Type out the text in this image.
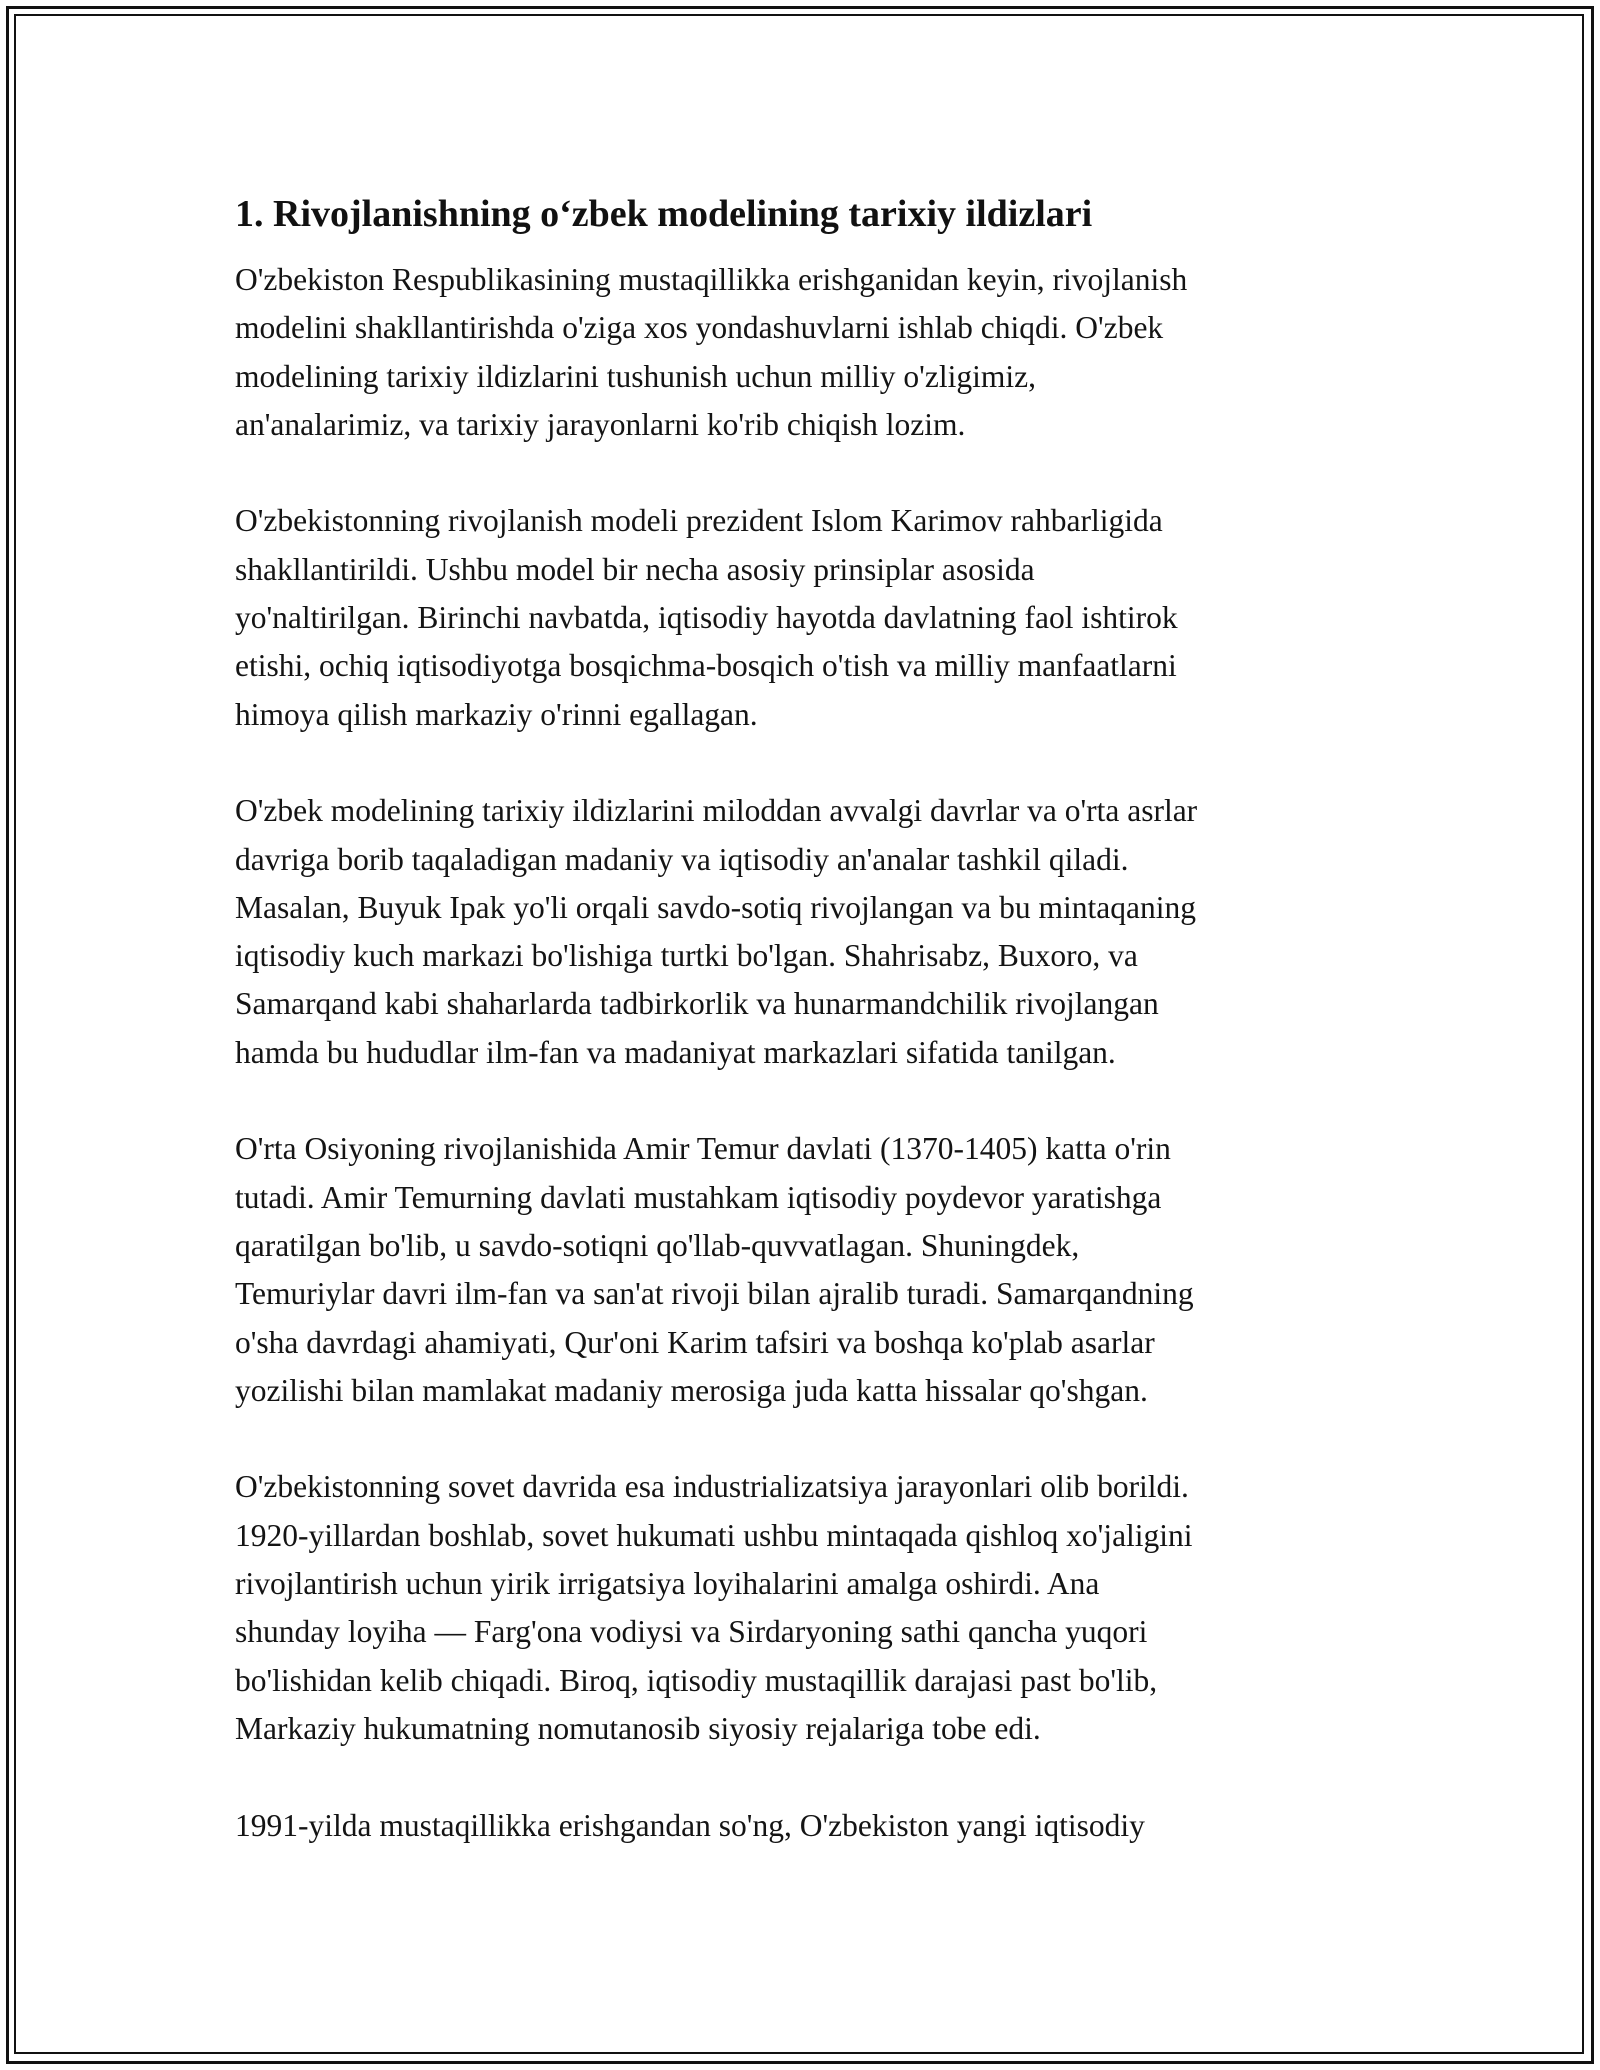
1. Rivojlanishning o‘zbek modelining tarixiy ildizlari

O'zbekiston Respublikasining mustaqillikka erishganidan keyin, rivojlanish
modelini shakllantirishda o'ziga xos yondashuvlarni ishlab chiqdi. O'zbek
modelining tarixiy ildizlarini tushunish uchun milliy o'zligimiz,
an'analarimiz, va tarixiy jarayonlarni ko'rib chiqish lozim.

O'zbekistonning rivojlanish modeli prezident Islom Karimov rahbarligida
shakllantirildi. Ushbu model bir necha asosiy prinsiplar asosida
yo'naltirilgan. Birinchi navbatda, iqtisodiy hayotda davlatning faol ishtirok
etishi, ochiq iqtisodiyotga bosqichma-bosqich o'tish va milliy manfaatlarni
himoya qilish markaziy o'rinni egallagan.

O'zbek modelining tarixiy ildizlarini miloddan avvalgi davrlar va o'rta asrlar
davriga borib taqaladigan madaniy va iqtisodiy an'analar tashkil qiladi.
Masalan, Buyuk Ipak yo'li orqali savdo-sotiq rivojlangan va bu mintaqaning
iqtisodiy kuch markazi bo'lishiga turtki bo'lgan. Shahrisabz, Buxoro, va
Samarqand kabi shaharlarda tadbirkorlik va hunarmandchilik rivojlangan
hamda bu hududlar ilm-fan va madaniyat markazlari sifatida tanilgan.

O'rta Osiyoning rivojlanishida Amir Temur davlati (1370-1405) katta o'rin
tutadi. Amir Temurning davlati mustahkam iqtisodiy poydevor yaratishga
qaratilgan bo'lib, u savdo-sotiqni qo'llab-quvvatlagan. Shuningdek,
Temuriylar davri ilm-fan va san'at rivoji bilan ajralib turadi. Samarqandning
o'sha davrdagi ahamiyati, Qur'oni Karim tafsiri va boshqa ko'plab asarlar
yozilishi bilan mamlakat madaniy merosiga juda katta hissalar qo'shgan.

O'zbekistonning sovet davrida esa industrializatsiya jarayonlari olib borildi.
1920-yillardan boshlab, sovet hukumati ushbu mintaqada qishloq xo'jaligini
rivojlantirish uchun yirik irrigatsiya loyihalarini amalga oshirdi. Ana
shunday loyiha — Farg'ona vodiysi va Sirdaryoning sathi qancha yuqori
bo'lishidan kelib chiqadi. Biroq, iqtisodiy mustaqillik darajasi past bo'lib,
Markaziy hukumatning nomutanosib siyosiy rejalariga tobe edi.

1991-yilda mustaqillikka erishgandan so'ng, O'zbekiston yangi iqtisodiy
